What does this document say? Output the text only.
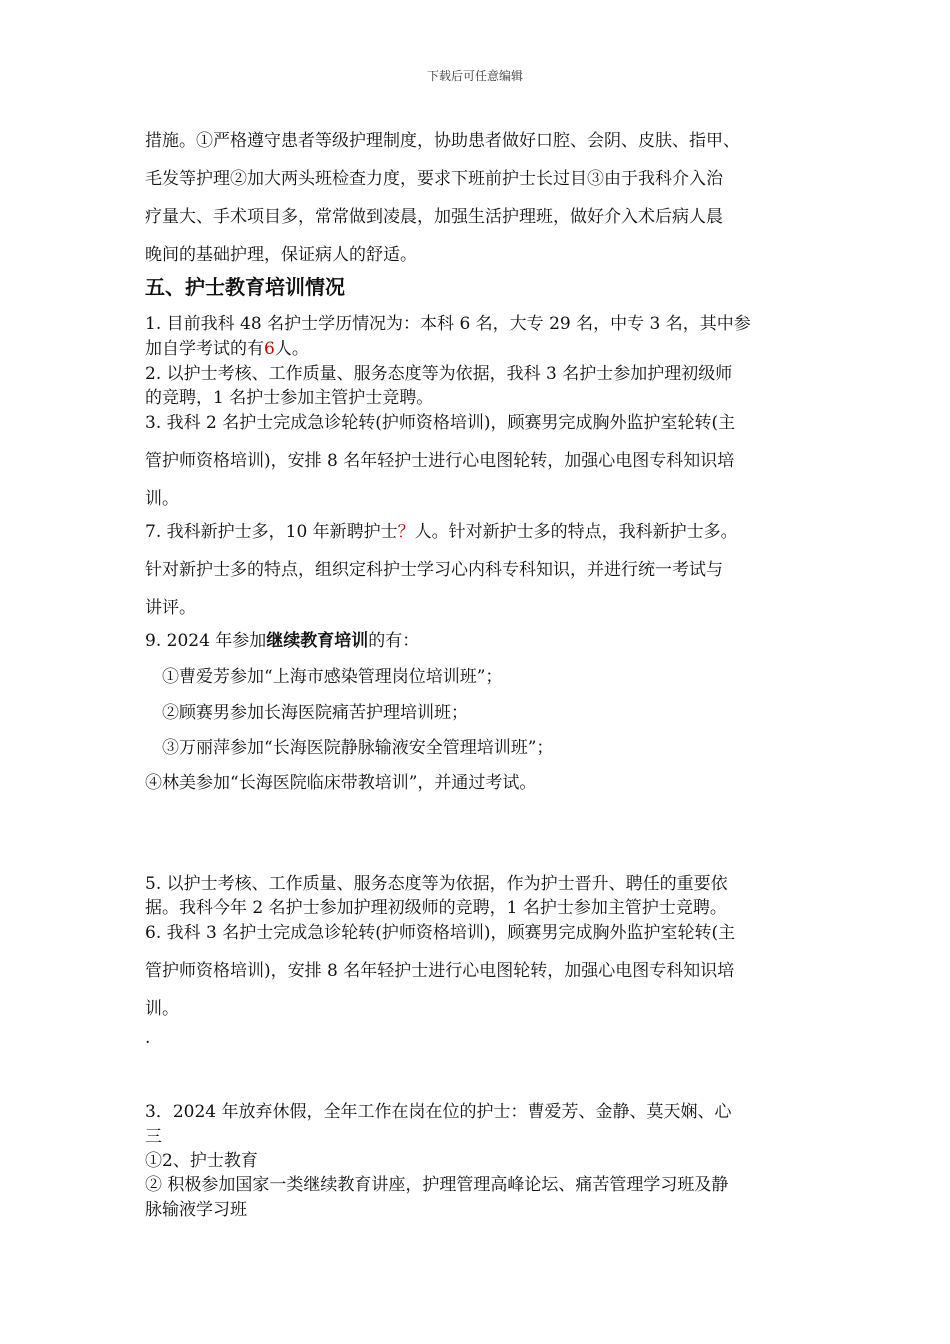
下载后可任意编辑
措施。①严格遵守患者等级护理制度，协助患者做好口腔、会阴、皮肤、指甲、
毛发等护理②加大两头班检查力度，要求下班前护士长过目③由于我科介入治
疗量大、手术项目多，常常做到凌晨，加强生活护理班，做好介入术后病人晨
晚间的基础护理，保证病人的舒适。
五、护士教育培训情况
1. 目前我科 48 名护士学历情况为：本科 6 名，大专 29 名，中专 3 名，其中参
加自学考试的有6人。
2. 以护士考核、工作质量、服务态度等为依据，我科 3 名护士参加护理初级师
的竞聘，1 名护士参加主管护士竞聘。
3. 我科 2 名护士完成急诊轮转(护师资格培训)，顾赛男完成胸外监护室轮转(主
管护师资格培训)，安排 8 名年轻护士进行心电图轮转，加强心电图专科知识培
训。
7. 我科新护士多，10 年新聘护士？人。针对新护士多的特点，我科新护士多。
针对新护士多的特点，组织定科护士学习心内科专科知识，并进行统一考试与
讲评。
9. 2024 年参加继续教育培训的有：
①曹爱芳参加“上海市感染管理岗位培训班”；
②顾赛男参加长海医院痛苦护理培训班；
③万丽萍参加“长海医院静脉输液安全管理培训班”；
④林美参加“长海医院临床带教培训”，并通过考试。
5. 以护士考核、工作质量、服务态度等为依据，作为护士晋升、聘任的重要依
据。我科今年 2 名护士参加护理初级师的竞聘，1 名护士参加主管护士竞聘。
6. 我科 3 名护士完成急诊轮转(护师资格培训)，顾赛男完成胸外监护室轮转(主
管护师资格培训)，安排 8 名年轻护士进行心电图轮转，加强心电图专科知识培
训。
.
3．2024 年放弃休假，全年工作在岗在位的护士：曹爱芳、金静、莫天娴、心
三
①2、护士教育
② 积极参加国家一类继续教育讲座，护理管理高峰论坛、痛苦管理学习班及静
脉输液学习班
